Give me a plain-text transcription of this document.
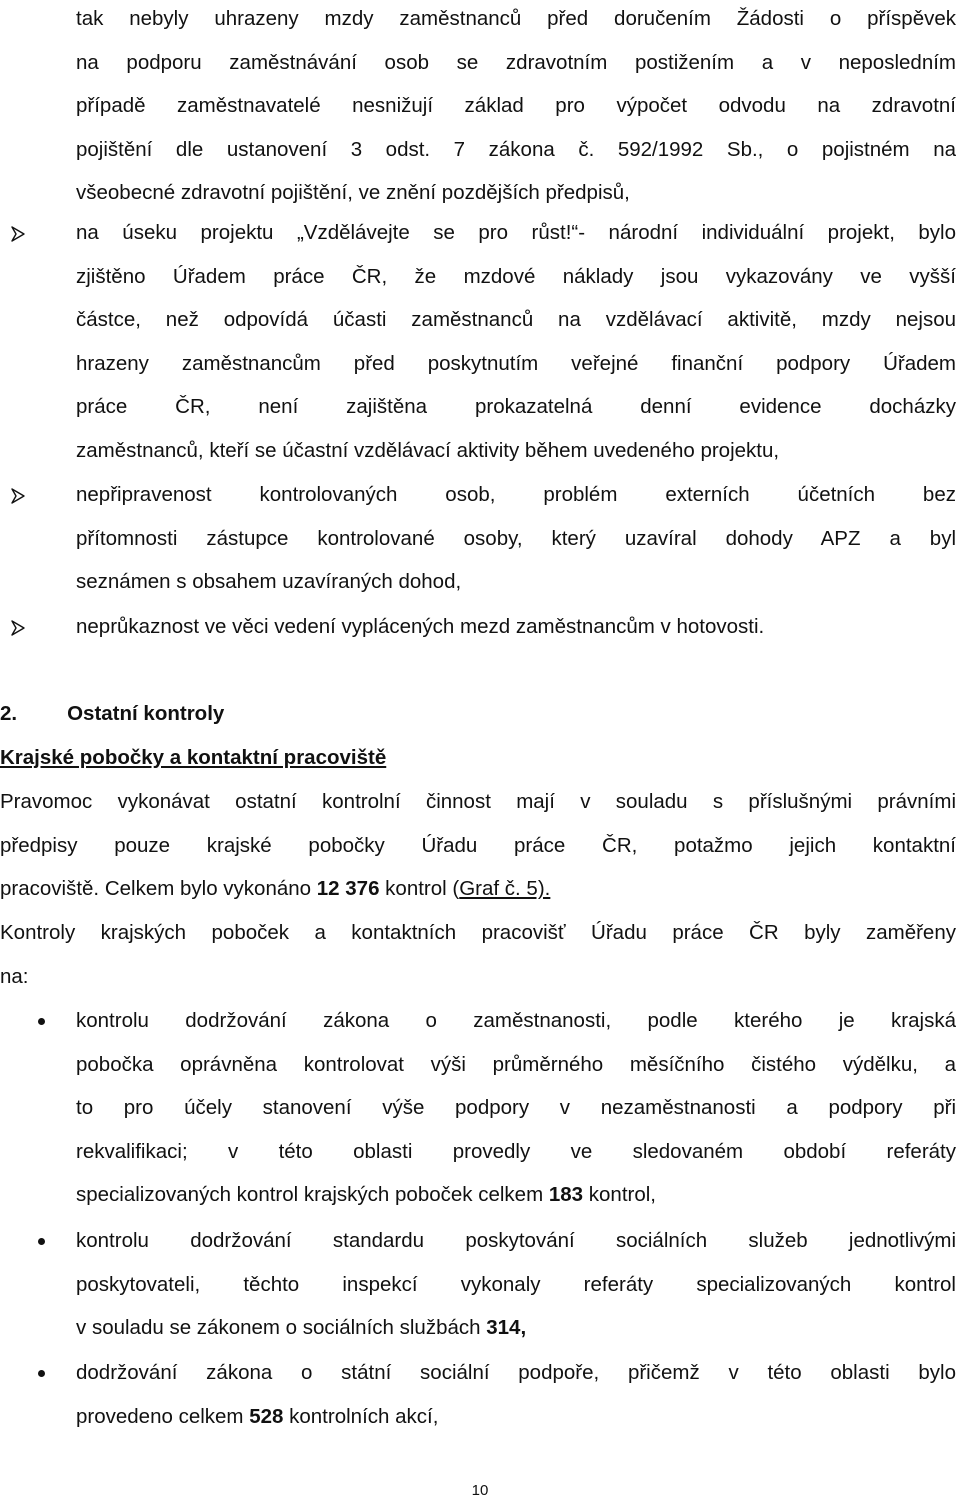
tak nebyly uhrazeny mzdy zaměstnanců před doručením Žádosti o příspěvek
na podporu zaměstnávání osob se zdravotním postižením a v neposledním
případě zaměstnavatelé nesnižují základ pro výpočet odvodu na zdravotní
pojištění dle ustanovení 3 odst. 7 zákona č. 592/1992 Sb., o pojistném na
všeobecné zdravotní pojištění, ve znění pozdějších předpisů,
na úseku projektu „Vzdělávejte se pro růst!“- národní individuální projekt, bylo
zjištěno Úřadem práce ČR, že mzdové náklady jsou vykazovány ve vyšší
částce, než odpovídá účasti zaměstnanců na vzdělávací aktivitě, mzdy nejsou
hrazeny zaměstnancům před poskytnutím veřejné finanční podpory Úřadem
práce ČR, není zajištěna prokazatelná denní evidence docházky
zaměstnanců, kteří se účastní vzdělávací aktivity během uvedeného projektu,
nepřipravenost kontrolovaných osob, problém externích účetních bez
přítomnosti zástupce kontrolované osoby, který uzavíral dohody APZ a byl
seznámen s obsahem uzavíraných dohod,
neprůkaznost ve věci vedení vyplácených mezd zaměstnancům v hotovosti.
2. Ostatní kontroly
Krajské pobočky a kontaktní pracoviště
Pravomoc vykonávat ostatní kontrolní činnost mají v souladu s příslušnými právními
předpisy pouze krajské pobočky Úřadu práce ČR, potažmo jejich kontaktní
pracoviště. Celkem bylo vykonáno 12 376 kontrol (Graf č. 5).
Kontroly krajských poboček a kontaktních pracovišť Úřadu práce ČR byly zaměřeny
na:
kontrolu dodržování zákona o zaměstnanosti, podle kterého je krajská
pobočka oprávněna kontrolovat výši průměrného měsíčního čistého výdělku, a
to pro účely stanovení výše podpory v nezaměstnanosti a podpory při
rekvalifikaci; v této oblasti provedly ve sledovaném období referáty
specializovaných kontrol krajských poboček celkem 183 kontrol,
kontrolu dodržování standardu poskytování sociálních služeb jednotlivými
poskytovateli, těchto inspekcí vykonaly referáty specializovaných kontrol
v souladu se zákonem o sociálních službách 314,
dodržování zákona o státní sociální podpoře, přičemž v této oblasti bylo
provedeno celkem 528 kontrolních akcí,
10
